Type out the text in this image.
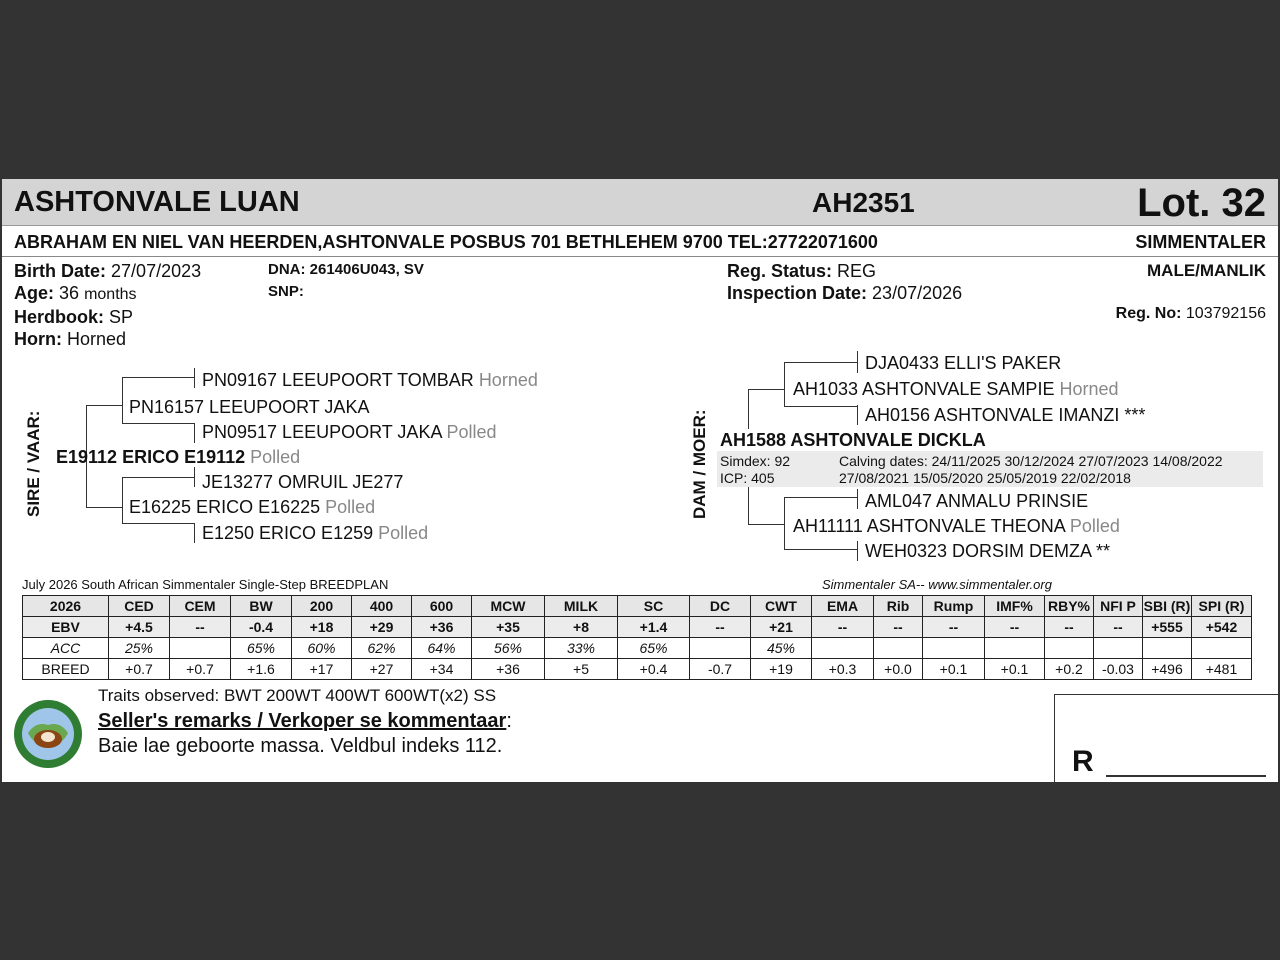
ASHTONVALE LUAN	AH2351	Lot. 32
ABRAHAM EN NIEL VAN HEERDEN,ASHTONVALE POSBUS 701 BETHLEHEM 9700 TEL:27722071600	SIMMENTALER
Birth Date: 27/07/2023
Age: 36 months
Herdbook: SP
Horn: Horned
DNA: 261406U043, SV
SNP:
Reg. Status: REG
Inspection Date: 23/07/2026
MALE/MANLIK
Reg. No: 103792156
SIRE / VAAR:
PN09167 LEEUPOORT TOMBAR Horned
PN16157 LEEUPOORT JAKA
PN09517 LEEUPOORT JAKA Polled
E19112 ERICO E19112 Polled
JE13277 OMRUIL JE277
E16225 ERICO E16225 Polled
E1250 ERICO E1259 Polled
DAM / MOER:
DJA0433 ELLI'S PAKER
AH1033 ASHTONVALE SAMPIE Horned
AH0156 ASHTONVALE IMANZI ***
AH1588 ASHTONVALE DICKLA
Simdex: 92
ICP: 405
Calving dates: 24/11/2025 30/12/2024 27/07/2023 14/08/2022
27/08/2021 15/05/2020 25/05/2019 22/02/2018
AML047 ANMALU PRINSIE
AH11111 ASHTONVALE THEONA Polled
WEH0323 DORSIM DEMZA **
July 2026 South African Simmentaler Single-Step BREEDPLAN	Simmentaler SA-- www.simmentaler.org
2026	CED	CEM	BW	200	400	600	MCW	MILK	SC	DC	CWT	EMA	Rib	Rump	IMF%	RBY%	NFI P	SBI (R)	SPI (R)
EBV	+4.5	--	-0.4	+18	+29	+36	+35	+8	+1.4	--	+21	--	--	--	--	--	--	+555	+542
ACC	25%		65%	60%	62%	64%	56%	33%	65%		45%								
BREED	+0.7	+0.7	+1.6	+17	+27	+34	+36	+5	+0.4	-0.7	+19	+0.3	+0.0	+0.1	+0.1	+0.2	-0.03	+496	+481
Traits observed: BWT 200WT 400WT 600WT(x2) SS
Seller's remarks / Verkoper se kommentaar:
Baie lae geboorte massa. Veldbul indeks 112.	R
